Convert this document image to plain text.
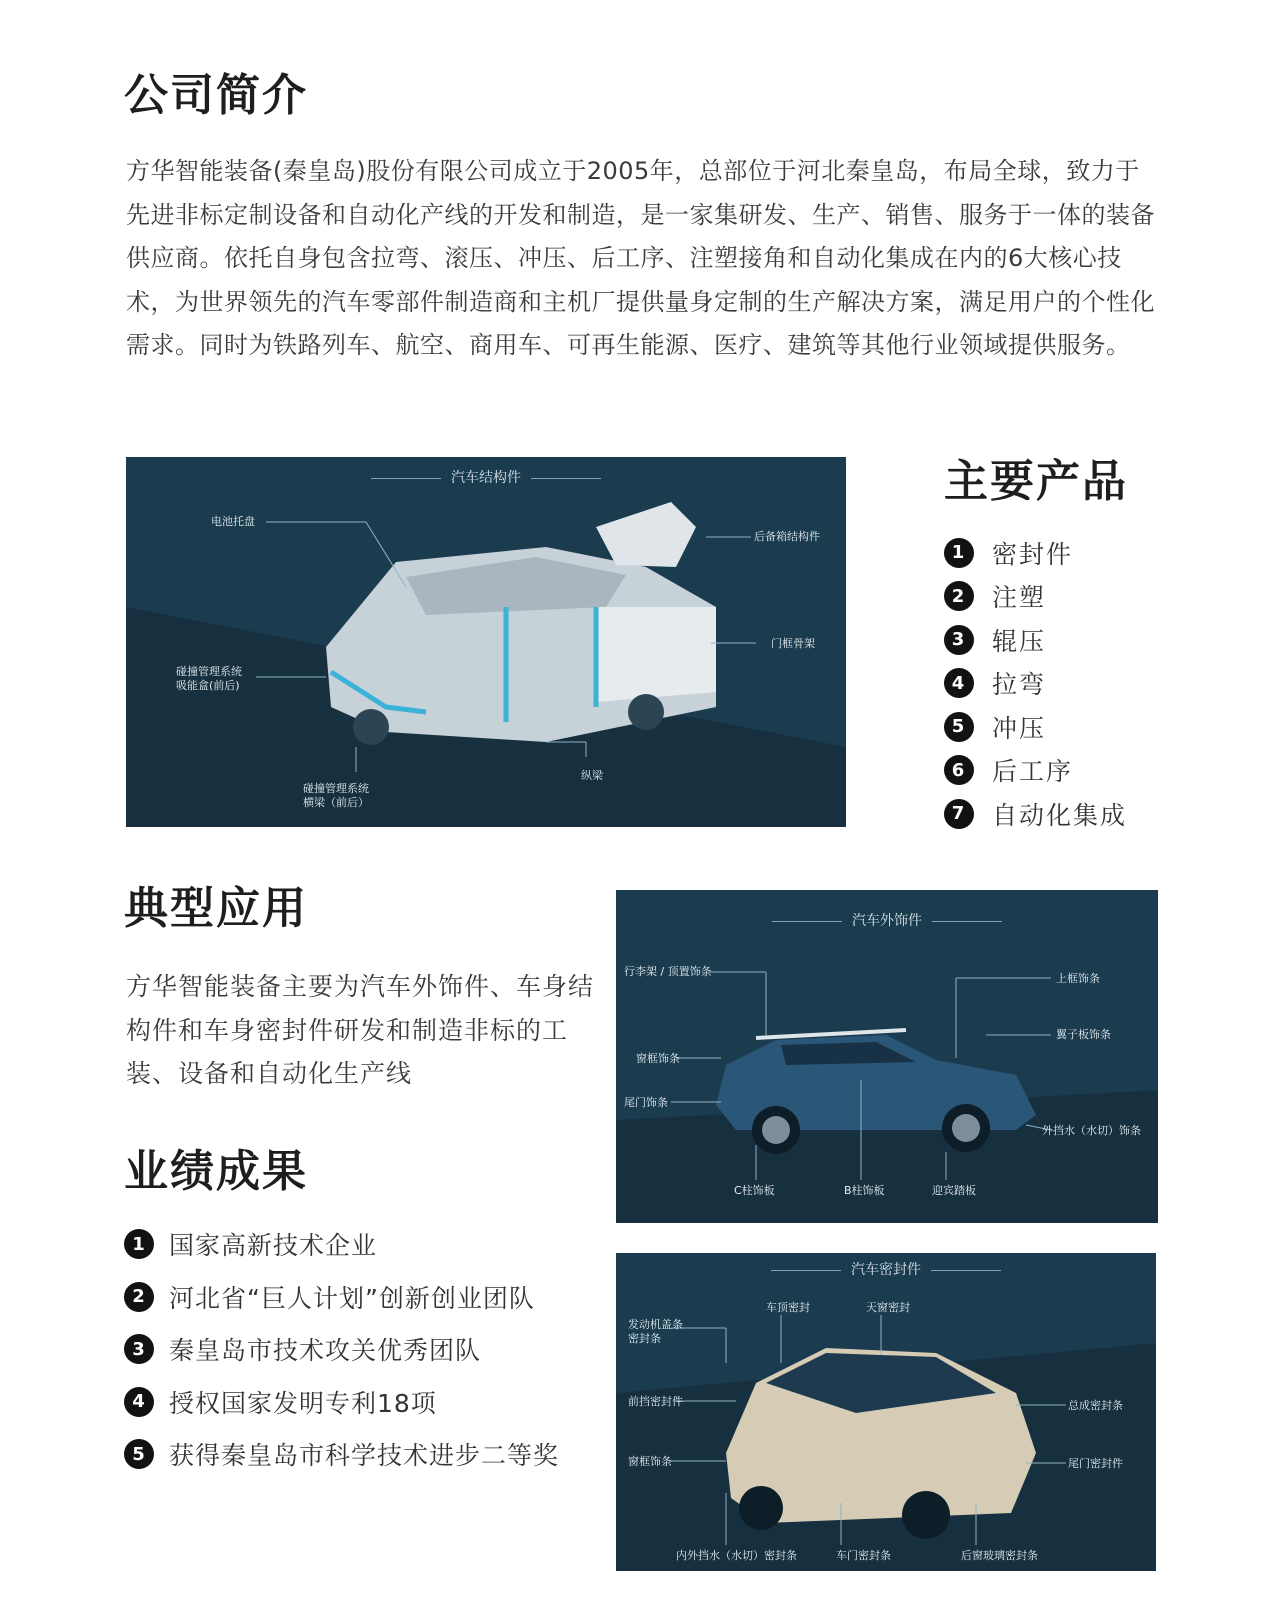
公司简介

方华智能装备(秦皇岛)股份有限公司成立于2005年，总部位于河北秦皇岛，布局全球，致力于先进非标定制设备和自动化产线的开发和制造，是一家集研发、生产、销售、服务于一体的装备供应商。依托自身包含拉弯、滚压、冲压、后工序、注塑接角和自动化集成在内的6大核心技术，为世界领先的汽车零部件制造商和主机厂提供量身定制的生产解决方案，满足用户的个性化需求。同时为铁路列车、航空、商用车、可再生能源、医疗、建筑等其他行业领域提供服务。

汽车结构件
电池托盘
后备箱结构件
门框骨架
碰撞管理系统
吸能盒(前后)
纵梁
碰撞管理系统
横梁（前后）
主要产品
1	密封件
2	注塑
3	辊压
4	拉弯
5	冲压
6	后工序
7	自动化集成
典型应用

方华智能装备主要为汽车外饰件、车身结构件和车身密封件研发和制造非标的工装、设备和自动化生产线

汽车外饰件
行李架 / 顶置饰条
上框饰条
翼子板饰条
窗框饰条
尾门饰条
外挡水（水切）饰条
C柱饰板	B柱饰板	迎宾踏板
业绩成果
1 国家高新技术企业
2 河北省“巨人计划”创新创业团队
3 秦皇岛市技术攻关优秀团队
4 授权国家发明专利18项
5 获得秦皇岛市科学技术进步二等奖
汽车密封件
车顶密封	天窗密封
发动机盖条
密封条
前挡密封件
尾门密封件
窗框饰条
总成密封条
内外挡水（水切）密封条	车门密封条	后窗玻璃密封条
